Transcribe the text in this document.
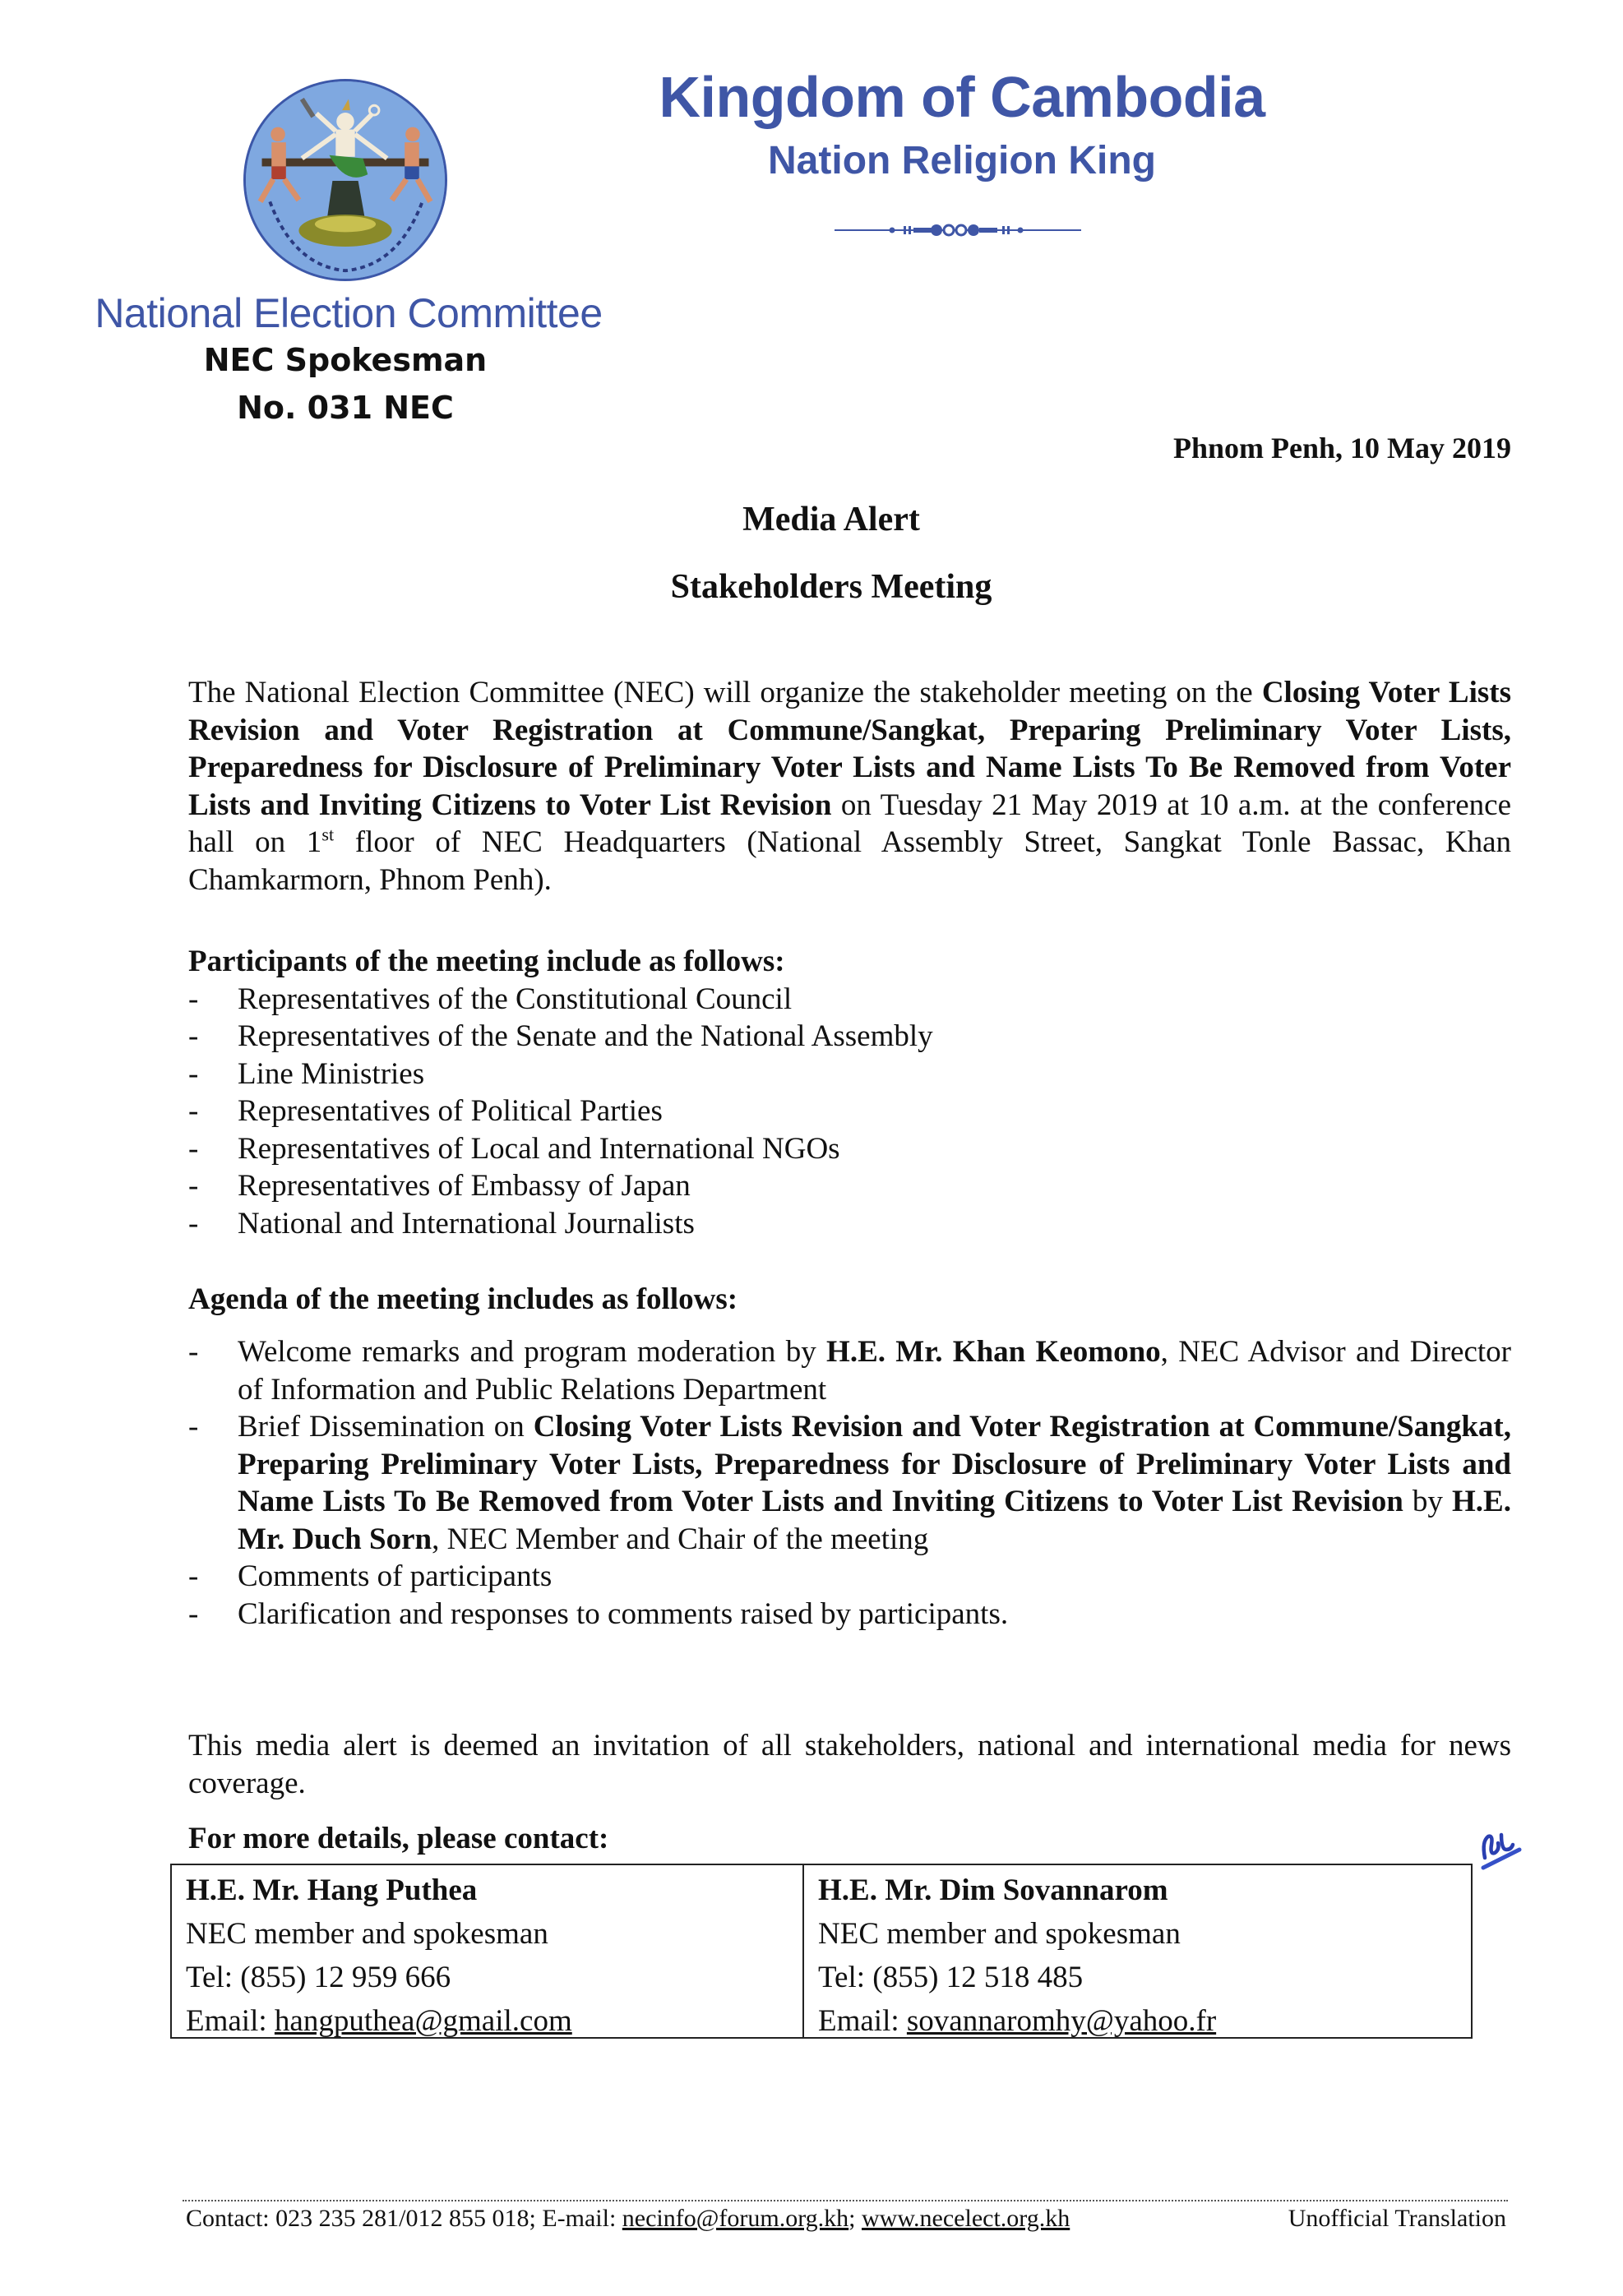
National Election Committee
NEC Spokesman
No. 031 NEC
Kingdom of Cambodia
Nation Religion King
Phnom Penh, 10 May 2019
Media Alert
Stakeholders Meeting
The National Election Committee (NEC) will organize the stakeholder meeting on the Closing Voter Lists Revision and Voter Registration at Commune/Sangkat, Preparing Preliminary Voter Lists, Preparedness for Disclosure of Preliminary Voter Lists and Name Lists To Be Removed from Voter Lists and Inviting Citizens to Voter List Revision on Tuesday 21 May 2019 at 10 a.m. at the conference hall on 1st floor of NEC Headquarters (National Assembly Street, Sangkat Tonle Bassac, Khan Chamkarmorn, Phnom Penh).
Participants of the meeting include as follows:
- Representatives of the Constitutional Council
- Representatives of the Senate and the National Assembly
- Line Ministries
- Representatives of Political Parties
- Representatives of Local and International NGOs
- Representatives of Embassy of Japan
- National and International Journalists
Agenda of the meeting includes as follows:
- Welcome remarks and program moderation by H.E. Mr. Khan Keomono, NEC Advisor and Director of Information and Public Relations Department
- Brief Dissemination on Closing Voter Lists Revision and Voter Registration at Commune/Sangkat, Preparing Preliminary Voter Lists, Preparedness for Disclosure of Preliminary Voter Lists and Name Lists To Be Removed from Voter Lists and Inviting Citizens to Voter List Revision by H.E. Mr. Duch Sorn, NEC Member and Chair of the meeting
- Comments of participants
- Clarification and responses to comments raised by participants.
This media alert is deemed an invitation of all stakeholders, national and international media for news coverage.
For more details, please contact:
H.E. Mr. Hang Puthea
NEC member and spokesman
Tel: (855) 12 959 666
Email: hangputhea@gmail.com
H.E. Mr. Dim Sovannarom
NEC member and spokesman
Tel: (855) 12 518 485
Email: sovannaromhy@yahoo.fr
Contact: 023 235 281/012 855 018; E-mail: necinfo@forum.org.kh; www.necelect.org.kh	Unofficial Translation
